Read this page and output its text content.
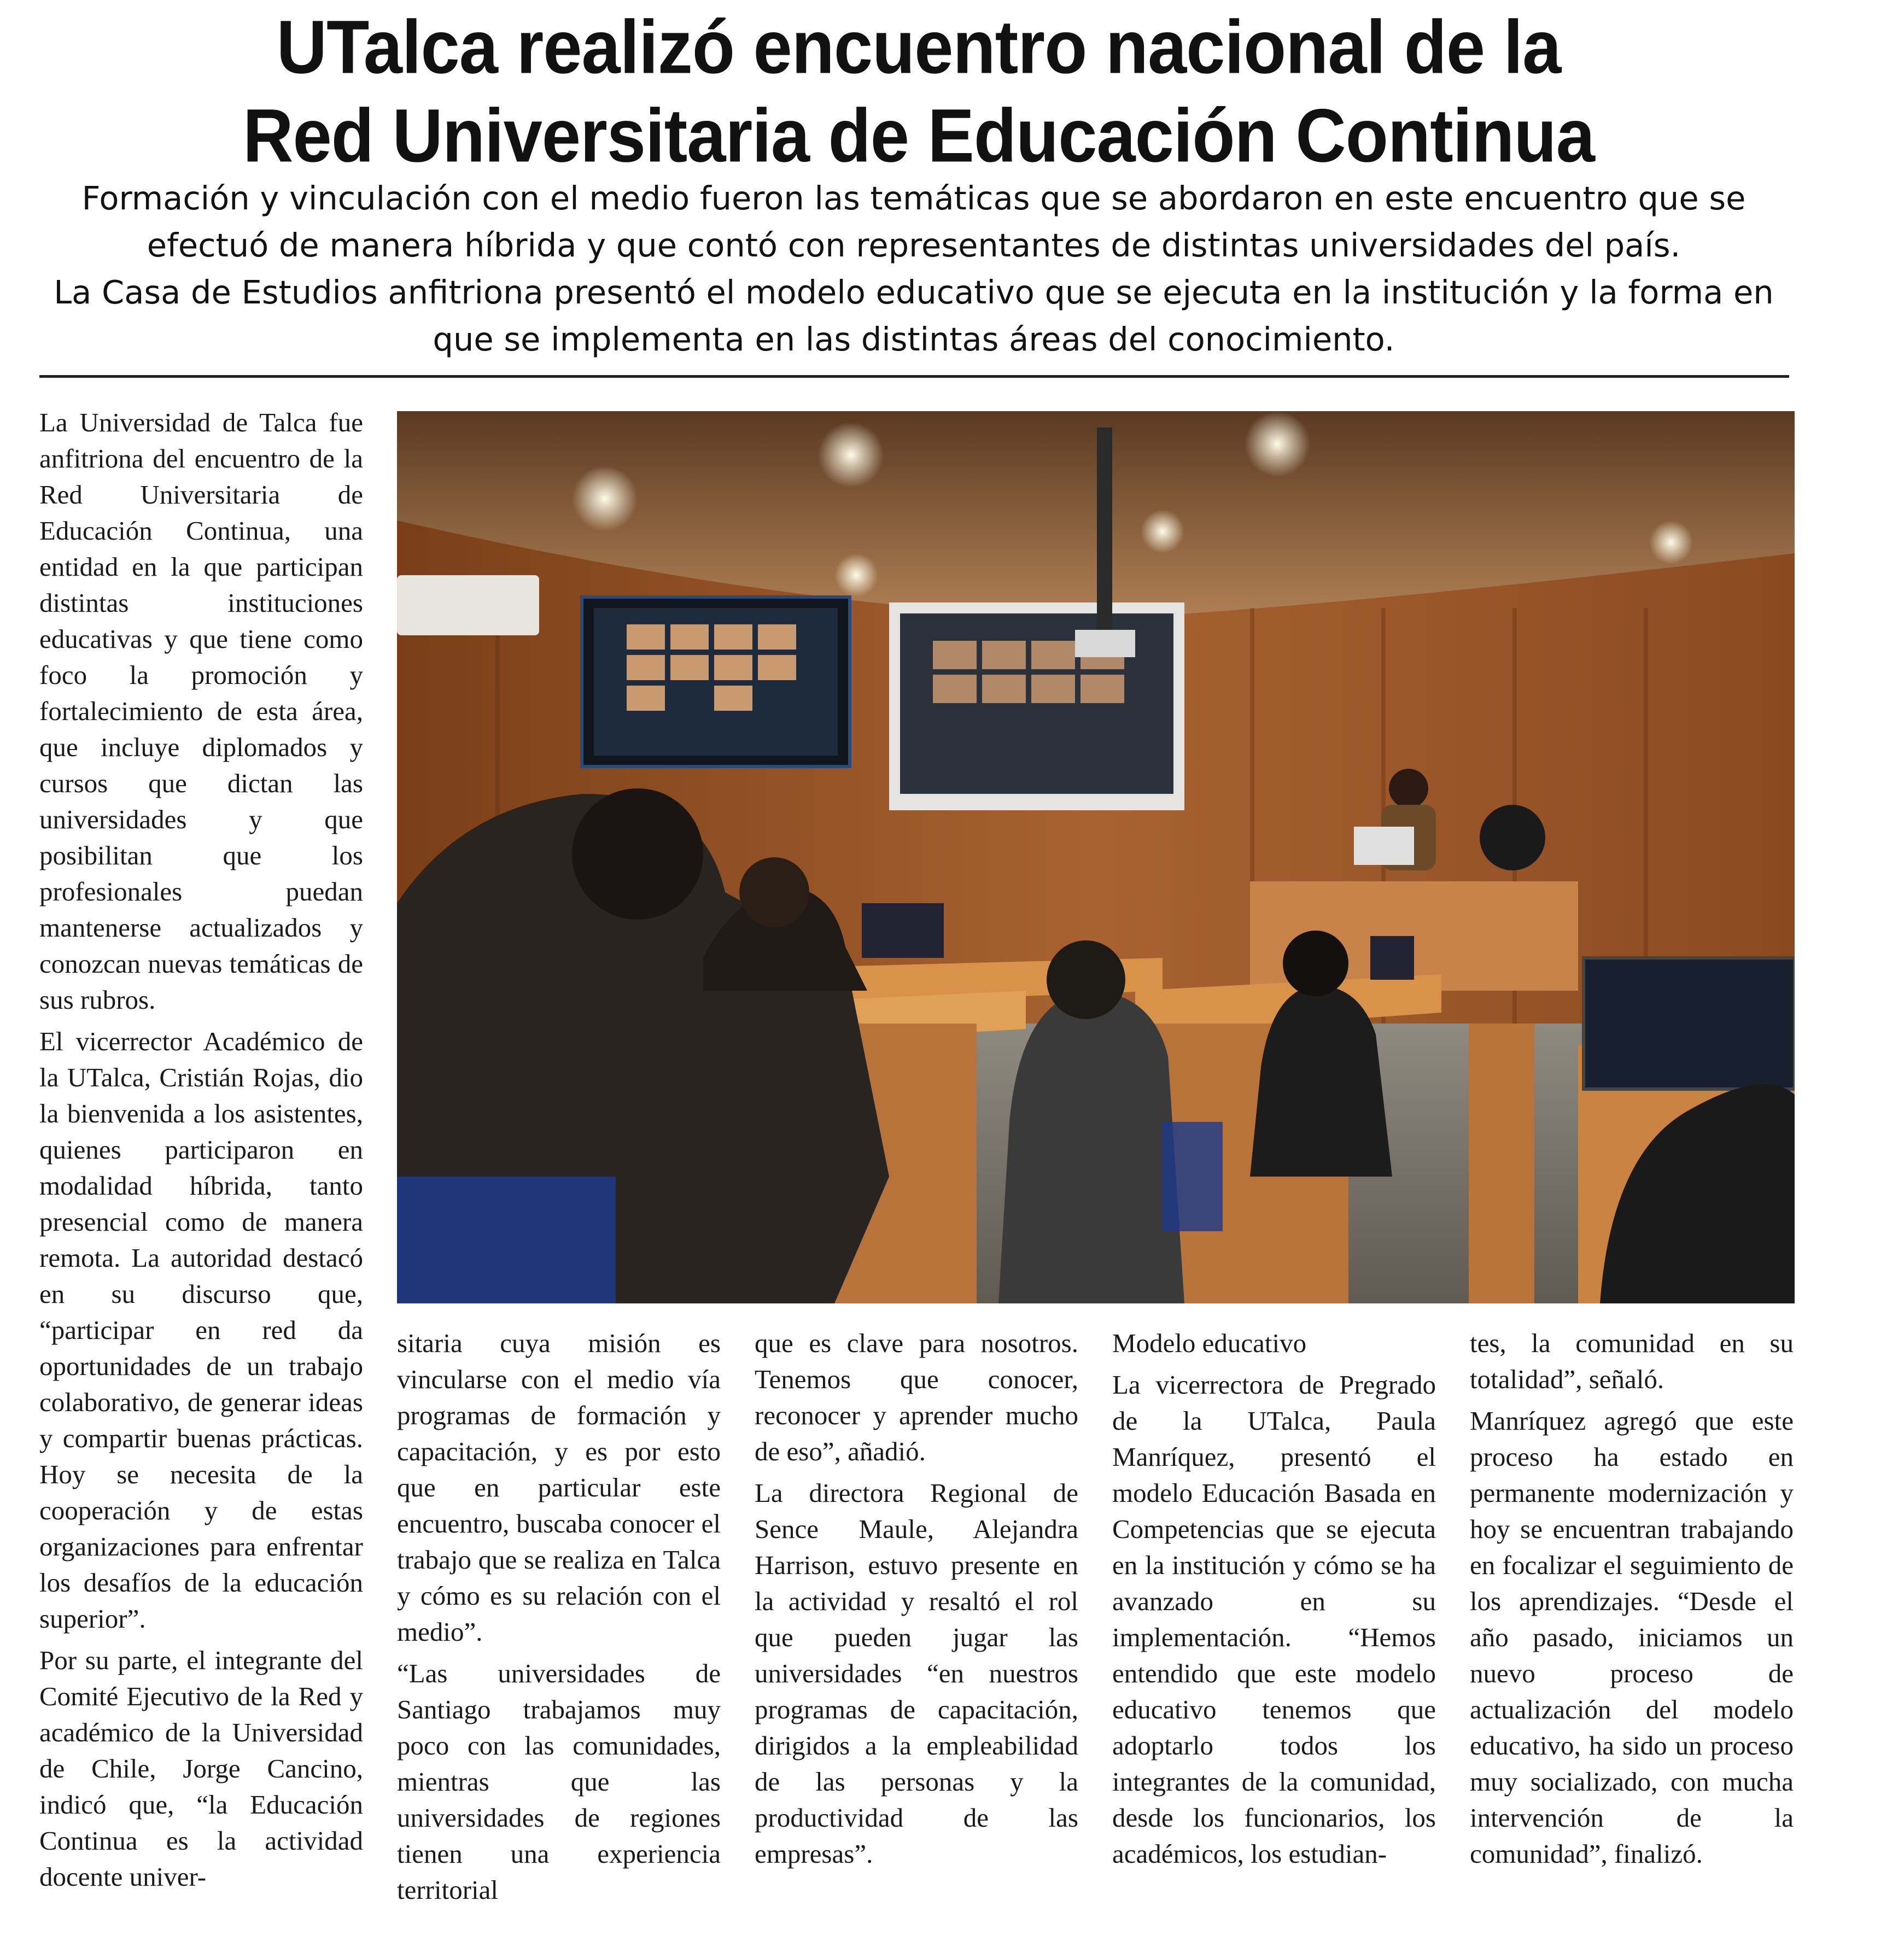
UTalca realizó encuentro nacional de la
Red Universitaria de Educación Continua

Formación y vinculación con el medio fueron las temáticas que se abordaron en este encuentro que se efectuó de manera híbrida y que contó con representantes de distintas universidades del país.

La Casa de Estudios anfitriona presentó el modelo educativo que se ejecuta en la institución y la forma en que se implementa en las distintas áreas del conocimiento.

La Universidad de Talca fue anfitriona del encuentro de la Red Universitaria de Educación Continua, una entidad en la que participan distintas instituciones educativas y que tiene como foco la promoción y fortalecimiento de esta área, que incluye diplomados y cursos que dictan las universidades y que posibilitan que los profesionales puedan mantenerse actualizados y conozcan nuevas temáticas de sus rubros.

El vicerrector Académico de la UTalca, Cristián Rojas, dio la bienvenida a los asistentes, quienes participaron en modalidad híbrida, tanto presencial como de manera remota. La autoridad destacó en su discurso que, “participar en red da oportunidades de un trabajo colaborativo, de generar ideas y compartir buenas prácticas. Hoy se necesita de la cooperación y de estas organizaciones para enfrentar los desafíos de la educación superior”.

Por su parte, el integrante del Comité Ejecutivo de la Red y académico de la Universidad de Chile, Jorge Cancino, indicó que, “la Educación Continua es la actividad docente univer-

sitaria cuya misión es vincularse con el medio vía programas de formación y capacitación, y es por esto que en particular este encuentro, buscaba conocer el trabajo que se realiza en Talca y cómo es su relación con el medio”.

“Las universidades de Santiago trabajamos muy poco con las comunidades, mientras que las universidades de regiones tienen una experiencia territorial

que es clave para nosotros. Tenemos que conocer, reconocer y aprender mucho de eso”, añadió.

La directora Regional de Sence Maule, Alejandra Harrison, estuvo presente en la actividad y resaltó el rol que pueden jugar las universidades “en nuestros programas de capacitación, dirigidos a la empleabilidad de las personas y la productividad de las empresas”.

Modelo educativo

La vicerrectora de Pregrado de la UTalca, Paula Manríquez, presentó el modelo Educación Basada en Competencias que se ejecuta en la institución y cómo se ha avanzado en su implementación. “Hemos entendido que este modelo educativo tenemos que adoptarlo todos los integrantes de la comunidad, desde los funcionarios, los académicos, los estudian-

tes, la comunidad en su totalidad”, señaló.

Manríquez agregó que este proceso ha estado en permanente modernización y hoy se encuentran trabajando en focalizar el seguimiento de los aprendizajes. “Desde el año pasado, iniciamos un nuevo proceso de actualización del modelo educativo, ha sido un proceso muy socializado, con mucha intervención de la comunidad”, finalizó.
